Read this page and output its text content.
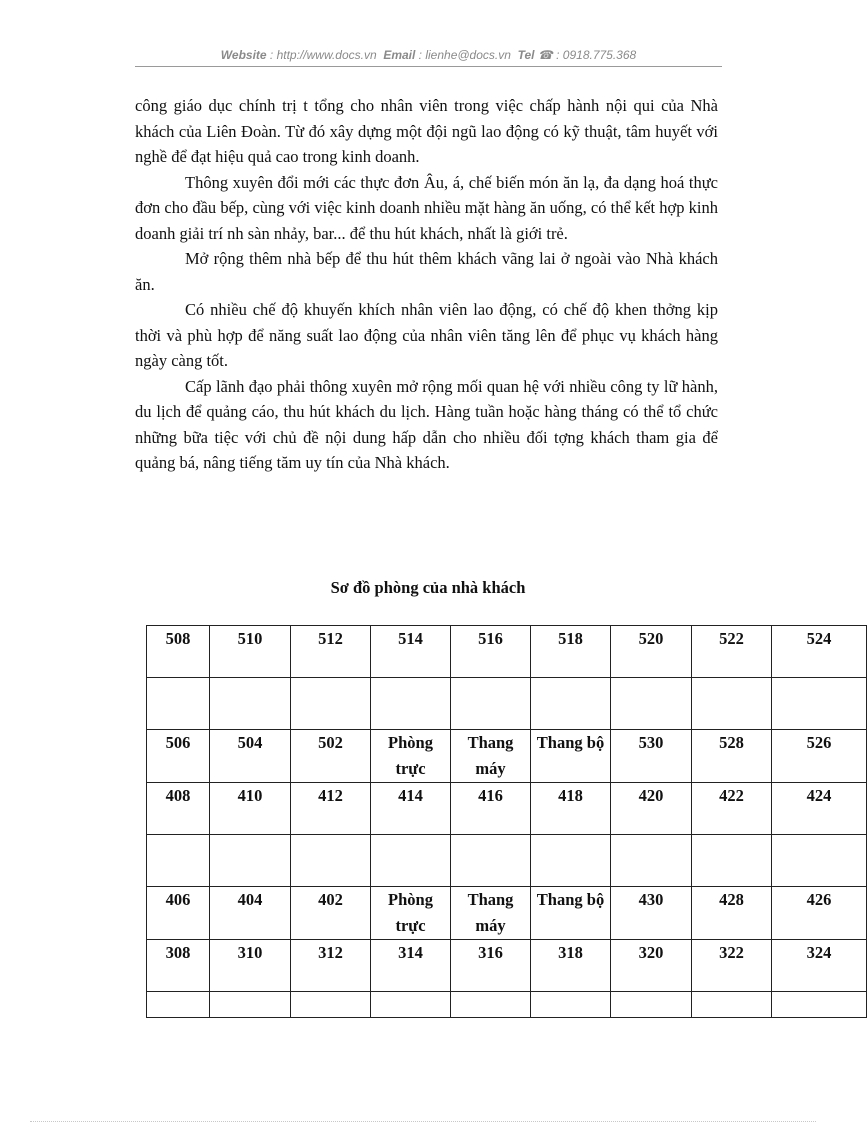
Website : http://www.docs.vn Email : lienhe@docs.vn Tel ☎ : 0918.775.368

công giáo dục chính trị t tổng cho nhân viên trong việc chấp hành nội qui của Nhà khách của Liên Đoàn. Từ đó xây dựng một đội ngũ lao động có kỹ thuật, tâm huyết với nghề để đạt hiệu quả cao trong kinh doanh.

Thông xuyên đổi mới các thực đơn Âu, á, chế biến món ăn lạ, đa dạng hoá thực đơn cho đầu bếp, cùng với việc kinh doanh nhiều mặt hàng ăn uống, có thể kết hợp kinh doanh giải trí nh sàn nhảy, bar... để thu hút khách, nhất là giới trẻ.

Mở rộng thêm nhà bếp để thu hút thêm khách vãng lai ở ngoài vào Nhà khách ăn.

Có nhiều chế độ khuyến khích nhân viên lao động, có chế độ khen thởng kịp thời và phù hợp để năng suất lao động của nhân viên tăng lên để phục vụ khách hàng ngày càng tốt.

Cấp lãnh đạo phải thông xuyên mở rộng mối quan hệ với nhiều công ty lữ hành, du lịch để quảng cáo, thu hút khách du lịch. Hàng tuần hoặc hàng tháng có thể tổ chức những bữa tiệc với chủ đề nội dung hấp dẫn cho nhiều đối tợng khách tham gia để quảng bá, nâng tiếng tăm uy tín của Nhà khách.

Sơ đồ phòng của nhà khách
508	510	512	514	516	518	520	522	524

506	504	502	Phòng trực	Thang máy	Thang bộ	530	528	526
408	410	412	414	416	418	420	422	424

406	404	402	Phòng trực	Thang máy	Thang bộ	430	428	426
308	310	312	314	316	318	320	322	324
